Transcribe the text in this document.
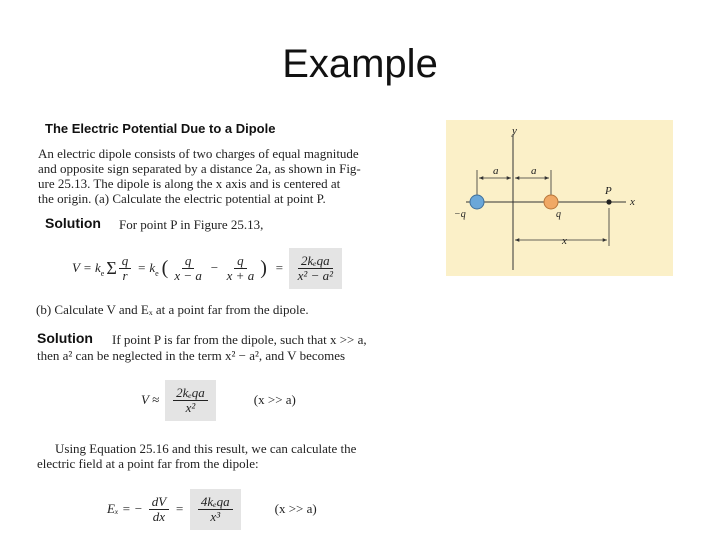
Example
The Electric Potential Due to a Dipole
An electric dipole consists of two charges of equal magnitude
and opposite sign separated by a distance 2a, as shown in Fig-
ure 25.13. The dipole is along the x axis and is centered at
the origin. (a) Calculate the electric potential at point P.
Solution For point P in Figure 25.13,
V = k e Σ $\frac{q}{r} = k$ e ( $\frac{q}{x - a} - \frac{q}{x + a}$ ) = $\frac{\text{2kₑqa}}{\text{x² − a²}}$
(b) Calculate V and Eₓ at a point far from the dipole.
Solution If point P is far from the dipole, such that x >> a,
then a² can be neglected in the term x² − a², and V becomes
$V \approx \frac{\text{2kₑqa}}{\text{x²}}$	(x >> a)
Using Equation 25.16 and this result, we can calculate the
electric field at a point far from the dipole:
Eₓ = − $\frac{dV}{dx} = \frac{\text{4kₑqa}}{\text{x³}}$	(x >> a)
y
x
a	a
P
−q	q
x
